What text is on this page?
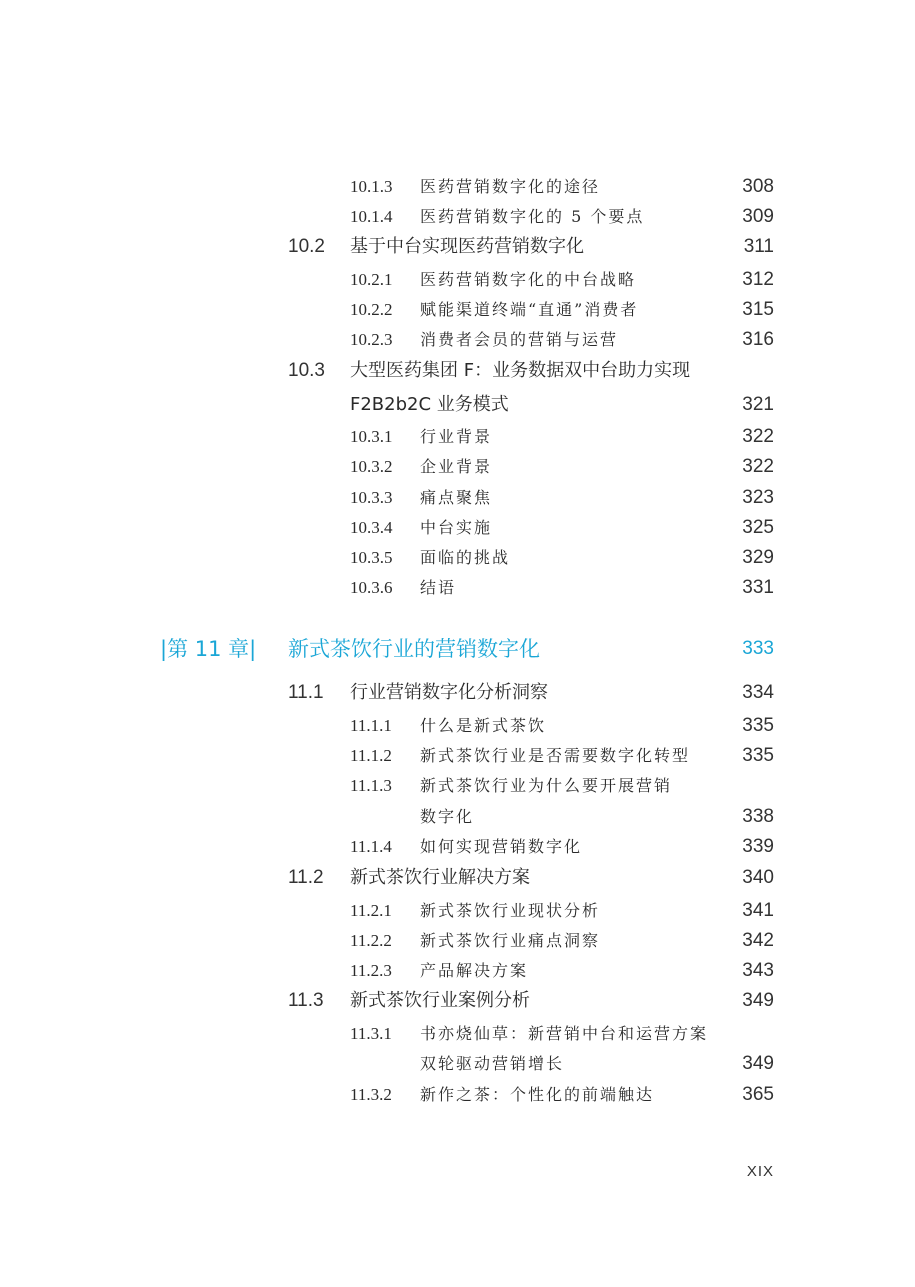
10.1.3 医药营销数字化的途径	308
10.1.4 医药营销数字化的 5 个要点	309
10.2 基于中台实现医药营销数字化	311
10.2.1 医药营销数字化的中台战略	312
10.2.2 赋能渠道终端“直通”消费者	315
10.2.3 消费者会员的营销与运营	316
10.3 大型医药集团 F：业务数据双中台助力实现
F2B2b2C 业务模式	321
10.3.1 行业背景	322
10.3.2 企业背景	322
10.3.3 痛点聚焦	323
10.3.4 中台实施	325
10.3.5 面临的挑战	329
10.3.6 结语	331
|第 11 章| 新式茶饮行业的营销数字化	333
11.1 行业营销数字化分析洞察	334
11.1.1 什么是新式茶饮	335
11.1.2 新式茶饮行业是否需要数字化转型	335
11.1.3 新式茶饮行业为什么要开展营销
数字化	338
11.1.4 如何实现营销数字化	339
11.2 新式茶饮行业解决方案	340
11.2.1 新式茶饮行业现状分析	341
11.2.2 新式茶饮行业痛点洞察	342
11.2.3 产品解决方案	343
11.3 新式茶饮行业案例分析	349
11.3.1 书亦烧仙草：新营销中台和运营方案
双轮驱动营销增长	349
11.3.2 新作之茶：个性化的前端触达	365
XIX
